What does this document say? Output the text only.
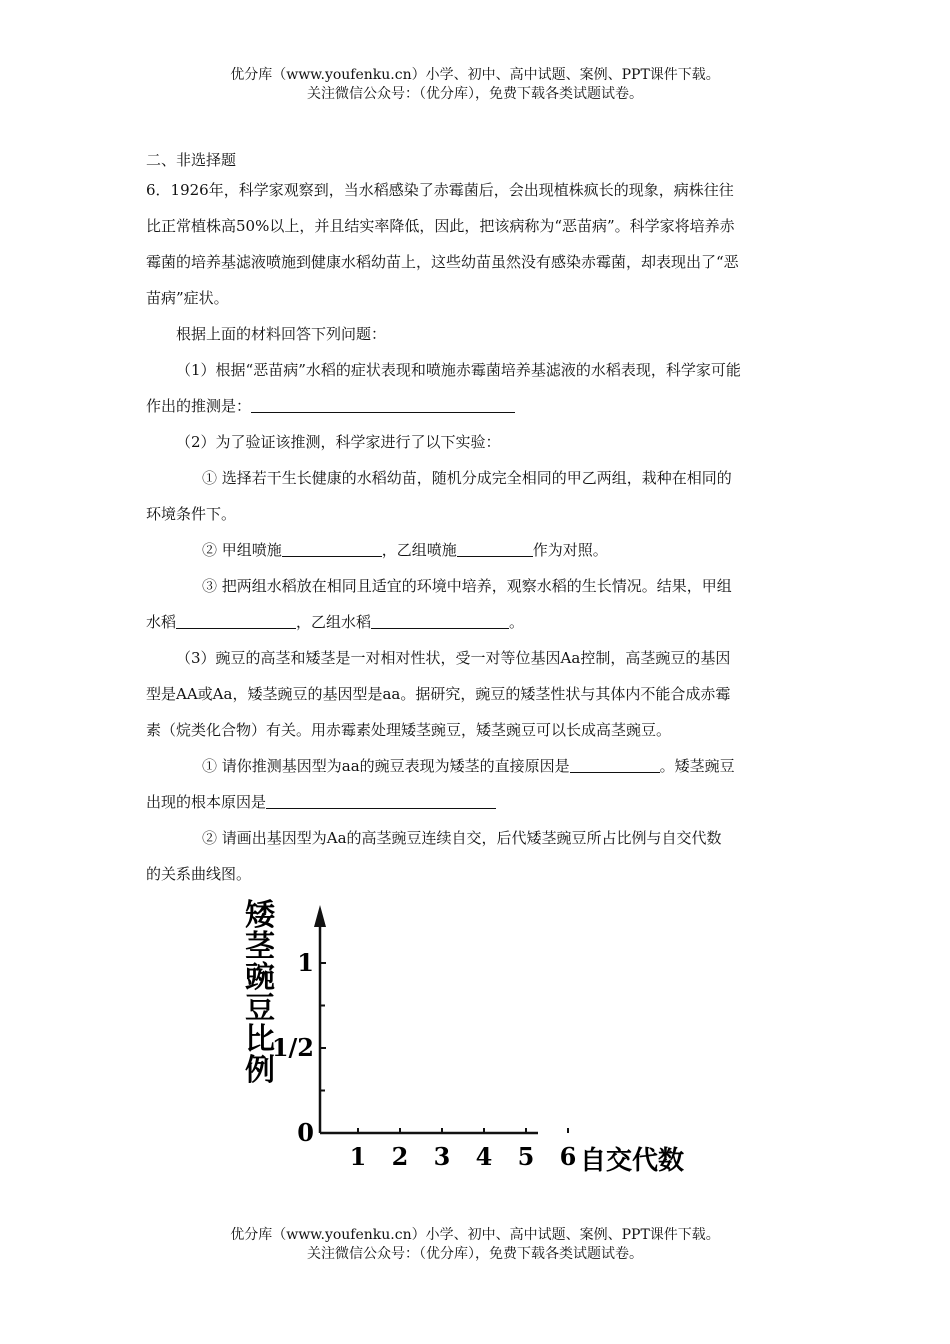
优分库（www.youfenku.cn）小学、初中、高中试题、案例、PPT课件下载。
关注微信公众号：（优分库），免费下载各类试题试卷。
二、非选择题
6．1926年，科学家观察到，当水稻感染了赤霉菌后，会出现植株疯长的现象，病株往往
比正常植株高50%以上，并且结实率降低，因此，把该病称为“恶苗病”。科学家将培养赤
霉菌的培养基滤液喷施到健康水稻幼苗上，这些幼苗虽然没有感染赤霉菌，却表现出了“恶
苗病”症状。
根据上面的材料回答下列问题：
（1）根据“恶苗病”水稻的症状表现和喷施赤霉菌培养基滤液的水稻表现，科学家可能
作出的推测是：
（2）为了验证该推测，科学家进行了以下实验：
① 选择若干生长健康的水稻幼苗，随机分成完全相同的甲乙两组，栽种在相同的
环境条件下。
② 甲组喷施	，乙组喷施	作为对照。
③ 把两组水稻放在相同且适宜的环境中培养，观察水稻的生长情况。结果，甲组
水稻	，乙组水稻	。
（3）豌豆的高茎和矮茎是一对相对性状，受一对等位基因Aa控制，高茎豌豆的基因
型是AA或Aa，矮茎豌豆的基因型是aa。据研究，豌豆的矮茎性状与其体内不能合成赤霉
素（烷类化合物）有关。用赤霉素处理矮茎豌豆，矮茎豌豆可以长成高茎豌豆。
① 请你推测基因型为aa的豌豆表现为矮茎的直接原因是	。矮茎豌豆
出现的根本原因是
② 请画出基因型为Aa的高茎豌豆连续自交，后代矮茎豌豆所占比例与自交代数
的关系曲线图。
0
1/2
1
1 2 3 4 5 6
矮
茎
豌
豆
比
例
自交代数
优分库（www.youfenku.cn）小学、初中、高中试题、案例、PPT课件下载。
关注微信公众号：（优分库），免费下载各类试题试卷。
